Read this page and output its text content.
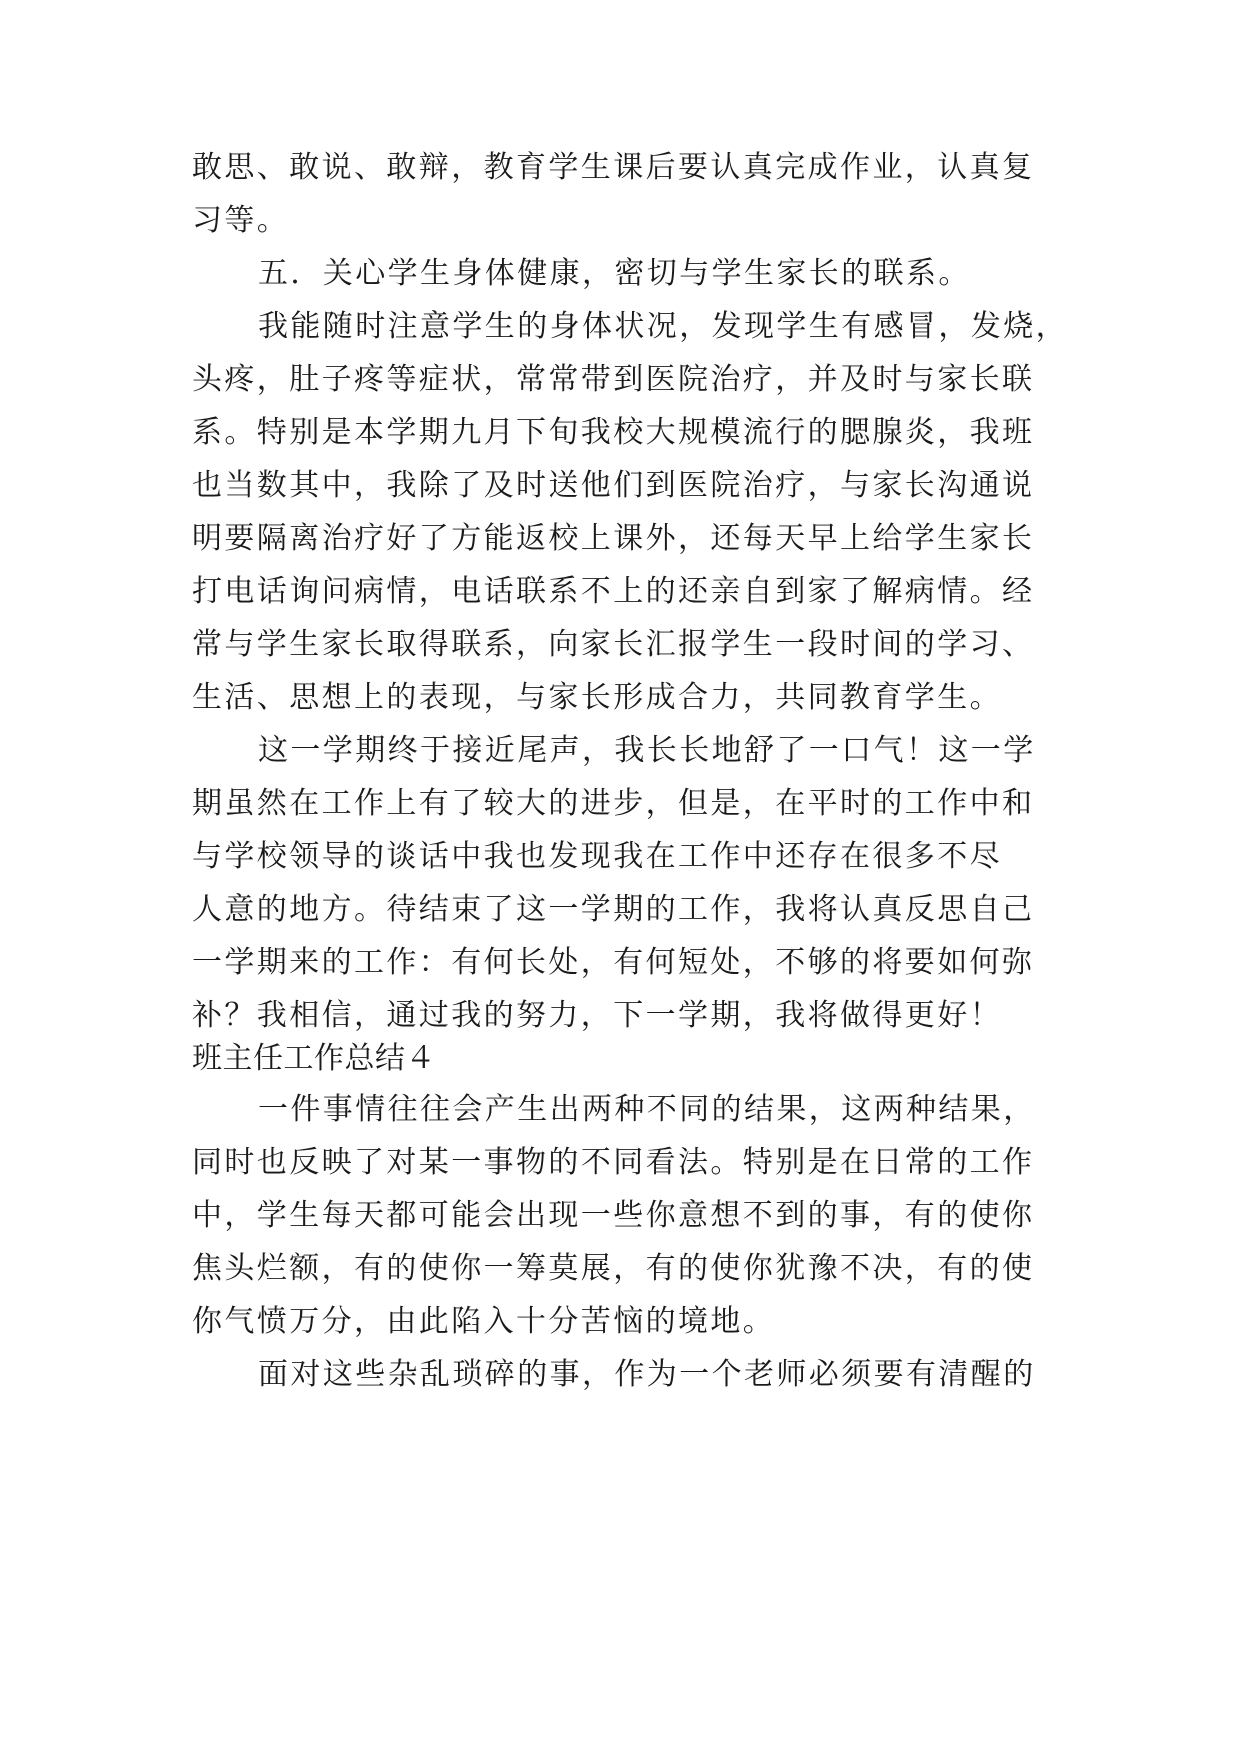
敢思、敢说、敢辩，教育学生课后要认真完成作业，认真复
习等。
五．关心学生身体健康，密切与学生家长的联系。
我能随时注意学生的身体状况，发现学生有感冒，发烧，
头疼，肚子疼等症状，常常带到医院治疗，并及时与家长联
系。特别是本学期九月下旬我校大规模流行的腮腺炎，我班
也当数其中，我除了及时送他们到医院治疗，与家长沟通说
明要隔离治疗好了方能返校上课外，还每天早上给学生家长
打电话询问病情，电话联系不上的还亲自到家了解病情。经
常与学生家长取得联系，向家长汇报学生一段时间的学习、
生活、思想上的表现，与家长形成合力，共同教育学生。
这一学期终于接近尾声，我长长地舒了一口气！这一学
期虽然在工作上有了较大的进步，但是，在平时的工作中和
与学校领导的谈话中我也发现我在工作中还存在很多不尽
人意的地方。待结束了这一学期的工作，我将认真反思自己
一学期来的工作：有何长处，有何短处，不够的将要如何弥
补？我相信，通过我的努力，下一学期，我将做得更好！
班主任工作总结４
一件事情往往会产生出两种不同的结果，这两种结果，
同时也反映了对某一事物的不同看法。特别是在日常的工作
中，学生每天都可能会出现一些你意想不到的事，有的使你
焦头烂额，有的使你一筹莫展，有的使你犹豫不决，有的使
你气愤万分，由此陷入十分苦恼的境地。
面对这些杂乱琐碎的事，作为一个老师必须要有清醒的
